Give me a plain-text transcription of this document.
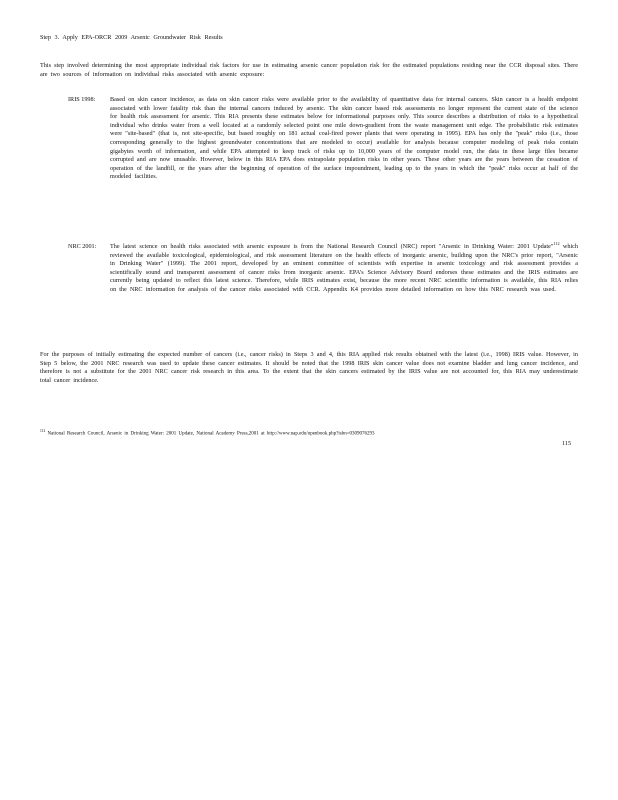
Step 3. Apply EPA-ORCR 2009 Arsenic Groundwater Risk Results

This step involved determining the most appropriate individual risk factors for use in estimating arsenic cancer population risk for the estimated populations residing near the CCR disposal sites. There are two sources of information on individual risks associated with arsenic exposure:

IRIS 1998:	Based on skin cancer incidence, as data on skin cancer risks were available prior to the availability of quantitative data for internal cancers. Skin cancer is a health endpoint associated with lower fatality risk than the internal cancers induced by arsenic. The skin cancer based risk assessments no longer represent the current state of the science for health risk assessment for arsenic. This RIA presents these estimates below for informational purposes only. This source describes a distribution of risks to a hypothetical individual who drinks water from a well located at a randomly selected point one mile down-gradient from the waste management unit edge. The probabilistic risk estimates were "site-based" (that is, not site-specific, but based roughly on 181 actual coal-fired power plants that were operating in 1995). EPA has only the "peak" risks (i.e., those corresponding generally to the highest groundwater concentrations that are modeled to occur) available for analysis because computer modeling of peak risks contain gigabytes worth of information, and while EPA attempted to keep track of risks up to 10,000 years of the computer model run, the data in these large files became corrupted and are now unusable. However, below in this RIA EPA does extrapolate population risks in other years. These other years are the years between the cessation of operation of the landfill, or the years after the beginning of operation of the surface impoundment, leading up to the years in which the "peak" risks occur at half of the modeled facilities.

NRC 2001:	The latest science on health risks associated with arsenic exposure is from the National Research Council (NRC) report "Arsenic in Drinking Water: 2001 Update"$^{112}$ which reviewed the available toxicological, epidemiological, and risk assessment literature on the health effects of inorganic arsenic, building upon the NRC's prior report, "Arsenic in Drinking Water" (1999). The 2001 report, developed by an eminent committee of scientists with expertise in arsenic toxicology and risk assessment provides a scientifically sound and transparent assessment of cancer risks from inorganic arsenic. EPA's Science Advisory Board endorses these estimates and the IRIS estimates are currently being updated to reflect this latest science. Therefore, while IRIS estimates exist, because the more recent NRC scientific information is available, this RIA relies on the NRC information for analysis of the cancer risks associated with CCR. Appendix K4 provides more detailed information on how this NRC research was used.

For the purposes of initially estimating the expected number of cancers (i.e., cancer risks) in Steps 3 and 4, this RIA applied risk results obtained with the latest (i.e., 1998) IRIS value. However, in Step 5 below, the 2001 NRC research was used to update these cancer estimates. It should be noted that the 1998 IRIS skin cancer value does not examine bladder and lung cancer incidence, and therefore is not a substitute for the 2001 NRC cancer risk research in this area. To the extent that the skin cancers estimated by the IRIS value are not accounted for, this RIA may underestimate total cancer incidence.

$^{112}$ National Research Council, Arsenic in Drinking Water: 2001 Update, National Academy Press,2001 at http://www.nap.edu/openbook.php?isbn=0309076293
115
